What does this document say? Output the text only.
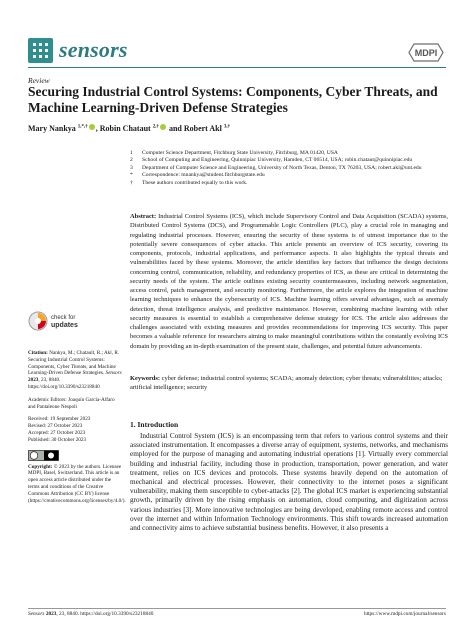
sensors	MDPI
Review
Securing Industrial Control Systems: Components, Cyber Threats, and Machine Learning-Driven Defense Strategies
Mary Nankya $^{1,*,\dagger}$ , Robin Chataut $^{2,\dagger}$ and Robert Akl $^{3,\dagger}$
1	Computer Science Department, Fitchburg State University, Fitchburg, MA 01420, USA
2	School of Computing and Engineering, Quinnipiac University, Hamden, CT 06514, USA; robin.chataut@quinnipiac.edu
3	Department of Computer Science and Engineering, University of North Texas, Denton, TX 76203, USA; robert.akl@unt.edu
*	Correspondence: mnankya@student.fitchburgstate.edu
†	These authors contributed equally to this work.
Abstract: Industrial Control Systems (ICS), which include Supervisory Control and Data Acquisition (SCADA) systems, Distributed Control Systems (DCS), and Programmable Logic Controllers (PLC), play a crucial role in managing and regulating industrial processes. However, ensuring the security of these systems is of utmost importance due to the potentially severe consequences of cyber attacks. This article presents an overview of ICS security, covering its components, protocols, industrial applications, and performance aspects. It also highlights the typical threats and vulnerabilities faced by these systems. Moreover, the article identifies key factors that influence the design decisions concerning control, communication, reliability, and redundancy properties of ICS, as these are critical in determining the security needs of the system. The article outlines existing security countermeasures, including network segmentation, access control, patch management, and security monitoring. Furthermore, the article explores the integration of machine learning techniques to enhance the cybersecurity of ICS. Machine learning offers several advantages, such as anomaly detection, threat intelligence analysis, and predictive maintenance. However, combining machine learning with other security measures is essential to establish a comprehensive defense strategy for ICS. The article also addresses the challenges associated with existing measures and provides recommendations for improving ICS security. This paper becomes a valuable reference for researchers aiming to make meaningful contributions within the constantly evolving ICS domain by providing an in-depth examination of the present state, challenges, and potential future advancements.
Keywords: cyber defense; industrial control systems; SCADA; anomaly detection; cyber threats; vulnerabilities; attacks; artificial intelligence; security
check for
updates
Citation: Nankya, M.; Chatault, R.; Akl, R. Securing Industrial Control Systems: Components, Cyber Threats, and Machine Learning-Driven Defense Strategies. Sensors 2023, 23, 8840. https://doi.org/10.3390/s23218840
Academic Editors: Joaquín García-Alfaro and Pantaleone Nespoli
Received: 19 September 2023
Revised: 27 October 2023
Accepted: 27 October 2023
Published: 30 October 2023
Copyright: © 2023 by the authors. Licensee MDPI, Basel, Switzerland. This article is an open access article distributed under the terms and conditions of the Creative Commons Attribution (CC BY) license (https://creativecommons.org/licenses/by/4.0/).
1. Introduction
Industrial Control System (ICS) is an encompassing term that refers to various control systems and their associated instrumentation. It encompasses a diverse array of equipment, systems, networks, and mechanisms employed for the purpose of managing and automating industrial operations [1]. Virtually every commercial building and industrial facility, including those in production, transportation, power generation, and water treatment, relies on ICS devices and protocols. These systems heavily depend on the automation of mechanical and electrical processes. However, their connectivity to the internet poses a significant vulnerability, making them susceptible to cyber-attacks [2]. The global ICS market is experiencing substantial growth, primarily driven by the rising emphasis on automation, cloud computing, and digitization across various industries [3]. More innovative technologies are being developed, enabling remote access and control over the internet and within Information Technology environments. This shift towards increased automation and connectivity aims to achieve substantial business benefits. However, it also presents a
Sensors 2023, 23, 8840. https://doi.org/10.3390/s23218840	https://www.mdpi.com/journal/sensors
